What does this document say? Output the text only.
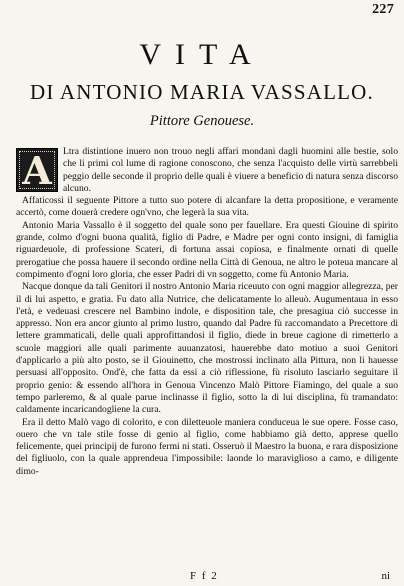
227
VITA
DI ANTONIO MARIA VASSALLO.
Pittore Genouese.

A	Ltra distintione inuero non trouo negli affari mondani dagli huomini alle bestie, solo che li primi col lume di ragione conoscono, che senza l'acquisto delle virtù sarrebbeli peggio delle seconde il proprio delle quali è viuere a beneficio di natura senza discorso alcuno.

Affaticossi il seguente Pittore a tutto suo potere di alcanfare la detta propositione, e veramente accertò, come douerà credere ogn'vno, che legerà la sua vita.

Antonio Maria Vassallo è il soggetto del quale sono per fauellare. Era questi Giouine di spirito grande, colmo d'ogni buona qualità, figlio di Padre, e Madre per ogni conto insigni, di famiglia riguardeuole, di professione Scateri, di fortuna assai copiosa, e finalmente ornati di quelle prerogatiue che possa hauere il secondo ordine nella Città di Genoua, ne altro le poteua mancare al compimento d'ogni loro gloria, che esser Padri di vn soggetto, come fù Antonio Maria.

Nacque donque da tali Genitori il nostro Antonio Maria riceuuto con ogni maggior allegrezza, per il di lui aspetto, e gratia. Fu dato alla Nutrice, che delicatamente lo alleuò. Augumentaua in esso l'età, e vedeuasi crescere nel Bambino indole, e disposition tale, che presagiua ciò successe in appresso. Non era ancor giunto al primo lustro, quando dal Padre fù raccomandato a Precettore di lettere grammaticali, delle quali approfittandosi il figlio, diede in breue cagione di rimetterlo a scuole maggiori alle quali parimente auuanzatosi, hauerebbe dato motiuo a suoi Genitori d'applicarlo a più alto posto, se il Giouinetto, che mostrossi inclinato alla Pittura, non li hauesse persuasi all'opposito. Ond'è, che fatta da essi a ciò riflessione, fù risoluto lasciarlo seguitare il proprio genio: & essendo all'hora in Genoua Vincenzo Malò Pittore Fiamingo, del quale a suo tempo parleremo, & al quale parue inclinasse il figlio, sotto la di lui disciplina, fù tramandato: caldamente incaricandogliene la cura.

Era il detto Malò vago di colorito, e con diletteuole maniera conduceua le sue opere. Fosse caso, ouero che vn tale stile fosse di genio al figlio, come habbiamo già detto, apprese quello felicemente, quei principij de furono fermi ni stati. Osseruò il Maestro la buona, e rara disposizione del figliuolo, con la quale apprendeua l'impossibile: laonde lo maraviglioso a camo, e diligente dimo-

F f 2	ni
